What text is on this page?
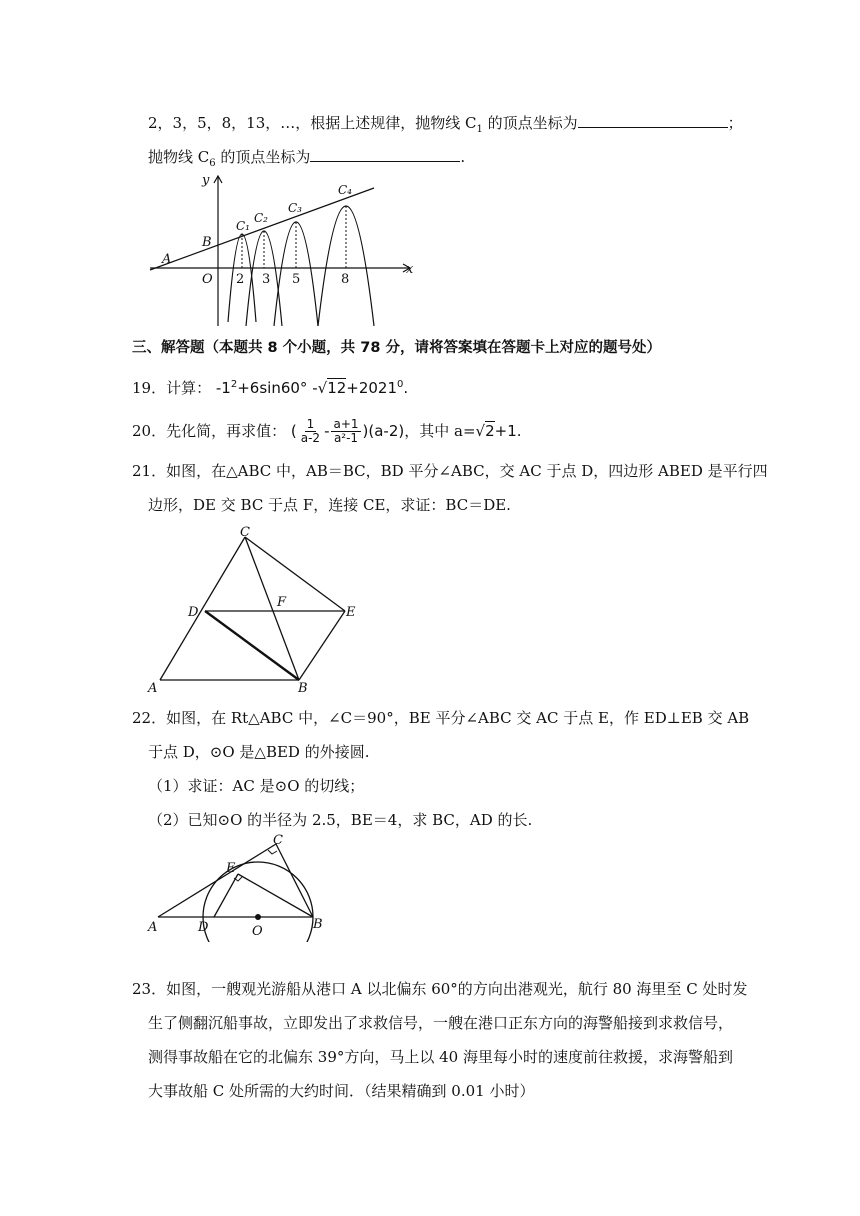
2，3，5，8，13，…，根据上述规律，抛物线 $C_1$ 的顶点坐标为	；
抛物线 $C_6$ 的顶点坐标为	.
y
x
A
B
O
C₁
C₂
C₃
C₄
2 3 5	8
三、解答题（本题共 8 个小题，共 78 分，请将答案填在答题卡上对应的题号处）
19．计算： $-1^2+6\sin 60^\circ$ $-√12+2021^0$.
20．先化简，再求值： ( $\frac{1}{a-2} - \frac{a+1}{\text{a²-1}} )(a-2)$，其中 a=√2+1.
21．如图，在△ABC 中，AB＝BC，BD 平分∠ABC，交 AC 于点 D，四边形 ABED 是平行四
边形，DE 交 BC 于点 F，连接 CE，求证：BC＝DE.
C
D
F
E
A	B
22．如图，在 Rt△ABC 中，∠C＝90°，BE 平分∠ABC 交 AC 于点 E，作 ED⊥EB 交 AB
于点 D，⊙O 是△BED 的外接圆.
（1）求证：AC 是⊙O 的切线；
（2）已知⊙O 的半径为 2.5，BE＝4，求 BC，AD 的长.
C
E
A	D	O	B
23．如图，一艘观光游船从港口 A 以北偏东 60°的方向出港观光，航行 80 海里至 C 处时发
生了侧翻沉船事故，立即发出了求救信号，一艘在港口正东方向的海警船接到求救信号，
测得事故船在它的北偏东 39°方向，马上以 40 海里每小时的速度前往救援，求海警船到
大事故船 C 处所需的大约时间．（结果精确到 0.01 小时）
